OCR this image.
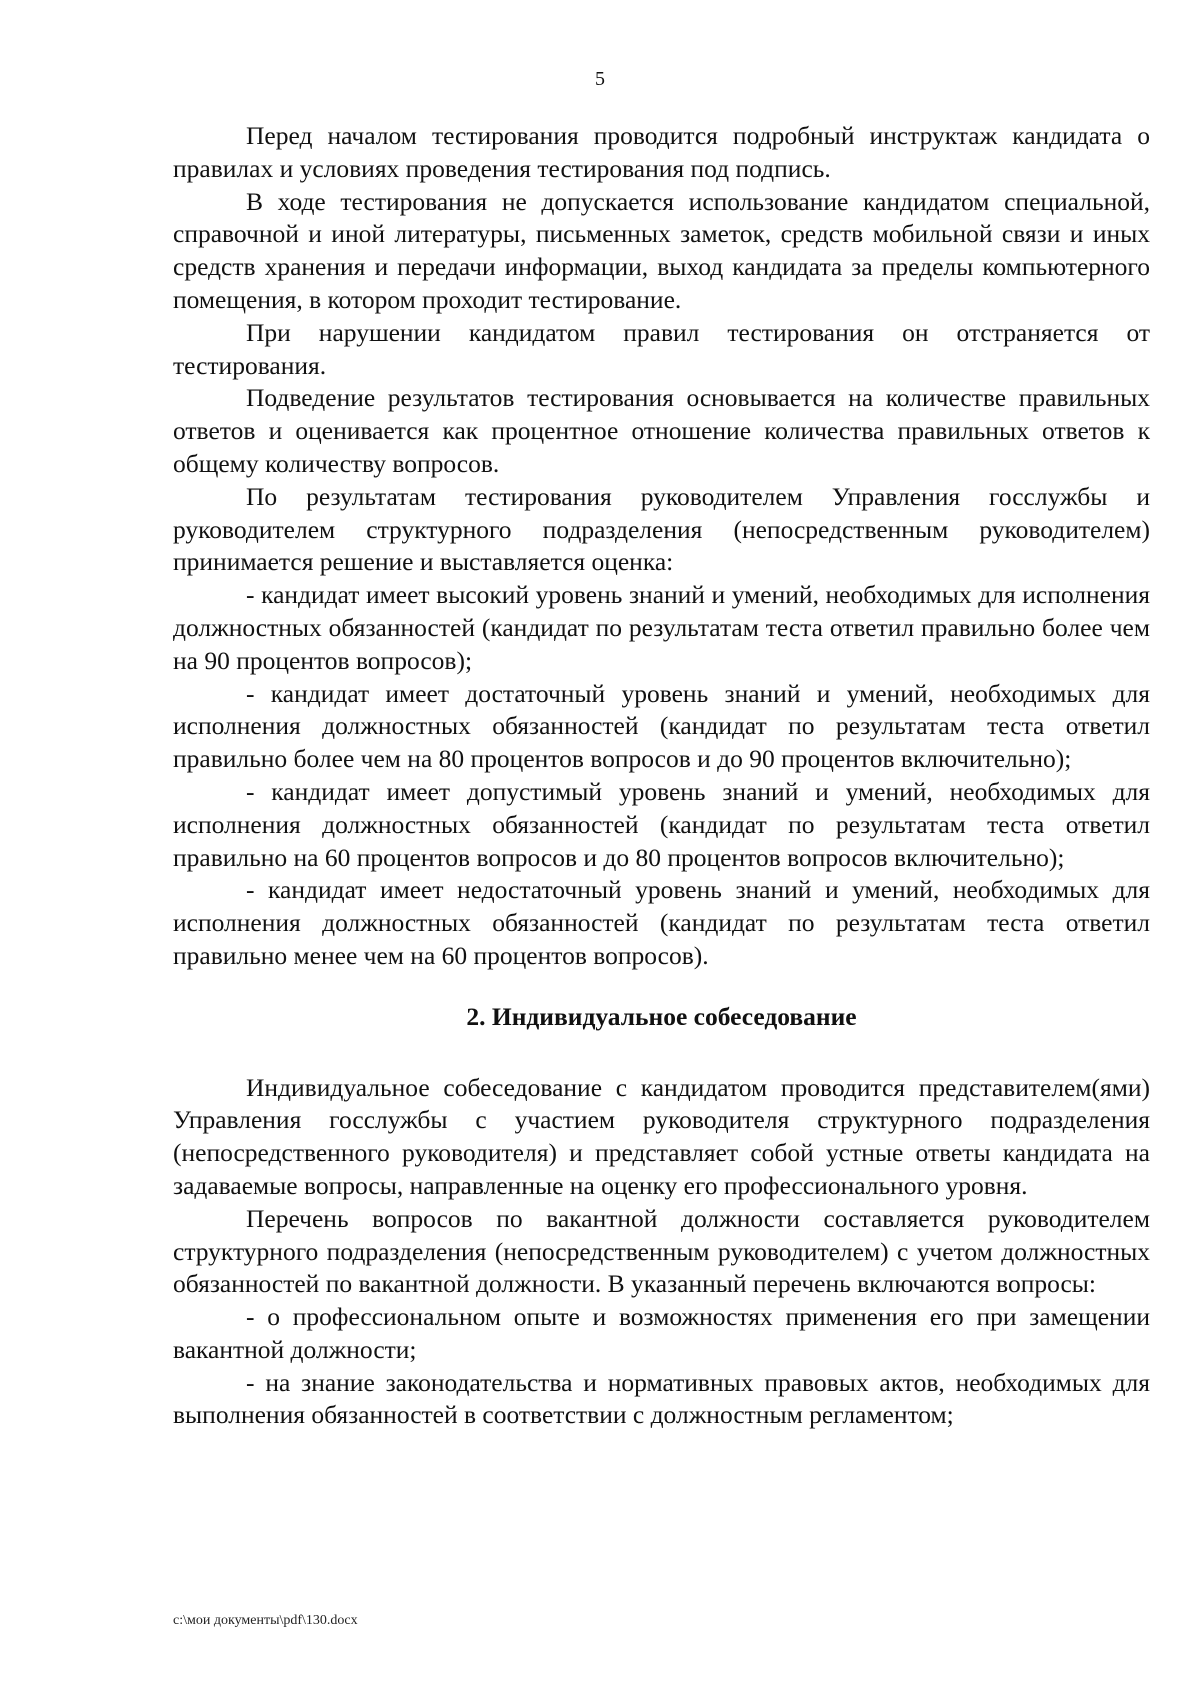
5

Перед началом тестирования проводится подробный инструктаж кандидата о правилах и условиях проведения тестирования под подпись.

В ходе тестирования не допускается использование кандидатом специальной, справочной и иной литературы, письменных заметок, средств мобильной связи и иных средств хранения и передачи информации, выход кандидата за пределы компьютерного помещения, в котором проходит тестирование.

При нарушении кандидатом правил тестирования он отстраняется от тестирования.

Подведение результатов тестирования основывается на количестве правильных ответов и оценивается как процентное отношение количества правильных ответов к общему количеству вопросов.

По результатам тестирования руководителем Управления госслужбы и руководителем структурного подразделения (непосредственным руководителем) принимается решение и выставляется оценка:

- кандидат имеет высокий уровень знаний и умений, необходимых для исполнения должностных обязанностей (кандидат по результатам теста ответил правильно более чем на 90 процентов вопросов);

- кандидат имеет достаточный уровень знаний и умений, необходимых для исполнения должностных обязанностей (кандидат по результатам теста ответил правильно более чем на 80 процентов вопросов и до 90 процентов включительно);

- кандидат имеет допустимый уровень знаний и умений, необходимых для исполнения должностных обязанностей (кандидат по результатам теста ответил правильно на 60 процентов вопросов и до 80 процентов вопросов включительно);

- кандидат имеет недостаточный уровень знаний и умений, необходимых для исполнения должностных обязанностей (кандидат по результатам теста ответил правильно менее чем на 60 процентов вопросов).

2. Индивидуальное собеседование

Индивидуальное собеседование с кандидатом проводится представителем(ями) Управления госслужбы с участием руководителя структурного подразделения (непосредственного руководителя) и представляет собой устные ответы кандидата на задаваемые вопросы, направленные на оценку его профессионального уровня.

Перечень вопросов по вакантной должности составляется руководителем структурного подразделения (непосредственным руководителем) с учетом должностных обязанностей по вакантной должности. В указанный перечень включаются вопросы:

- о профессиональном опыте и возможностях применения его при замещении вакантной должности;

- на знание законодательства и нормативных правовых актов, необходимых для выполнения обязанностей в соответствии с должностным регламентом;

c:\мои документы\pdf\130.docx
